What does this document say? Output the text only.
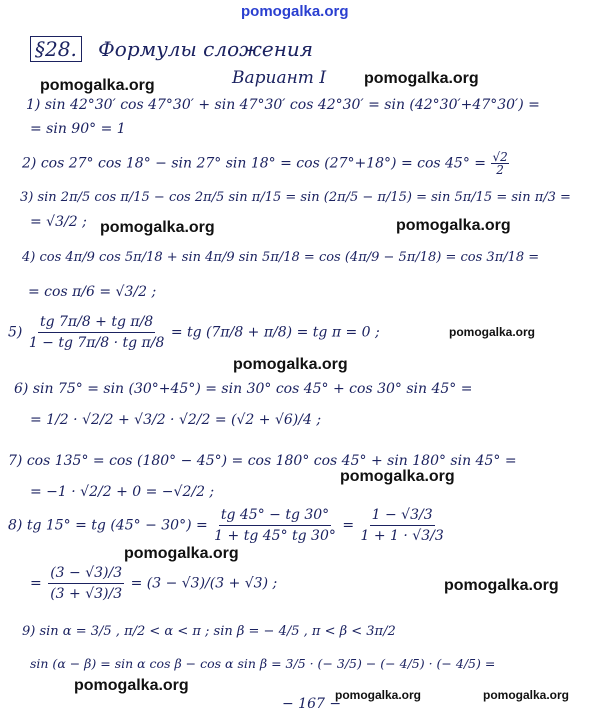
pomogalka.org
pomogalka.org	pomogalka.org
pomogalka.org
pomogalka.org
pomogalka.org
pomogalka.org
pomogalka.org
pomogalka.org
pomogalka.org
pomogalka.org
pomogalka.org	pomogalka.org
§28. Формулы сложения
Вариант I
1) sin 42°30′ cos 47°30′ + sin 47°30′ cos 42°30′ = sin (42°30′+47°30′) =
= sin 90° = 1
2) cos 27° cos 18° − sin 27° $\sin 18^\circ = \cos (27^\circ+18^\circ) = \cos 45^\circ = \frac{√2}{2}$
3) sin 2π/5 cos π/15 − cos 2π/5 sin π/15 = sin (2π/5 − π/15) = sin 5π/15 = sin π/3 =
= √3/2 ;
4) cos 4π/9 cos 5π/18 + sin 4π/9 sin 5π/18 = cos (4π/9 − 5π/18) = cos 3π/18 =
= cos π/6 = √3/2 ;
$5) \frac{\text{tg 7π/8 + tg π/8}}{\text{1 − tg 7π/8 · tg π/8}}$ = tg (7π/8 + π/8) = tg π = 0 ;
6) sin 75° = sin (30°+45°) = sin 30° cos 45° + cos 30° sin 45° =
= 1/2 · √2/2 + √3/2 · √2/2 = (√2 + √6)/4 ;
7) cos 135° = cos (180° − 45°) = cos 180° cos 45° + sin 180° sin 45° =
= −1 · √2/2 + 0 = −√2/2 ;
8) tg 15° = tg $(45^\circ - 30^\circ) = \frac{tg 45^\circ - tg 30^\circ}{1 + tg 45^\circ tg 30^\circ} = \frac{1 - √3/3}{1 + 1 \cdot √3/3}$
= $\frac{(3 - √3)/3}{(3 + √3)/3} = (3 - √3)/(3 + √3)$ ;
9) sin α = 3/5 , π/2 < α < π ; sin β = − 4/5 , π < β < 3π/2
sin (α − β) = sin α cos β − cos α sin β = 3/5 · (− 3/5) − (− 4/5) · (− 4/5) =
− 167 −
